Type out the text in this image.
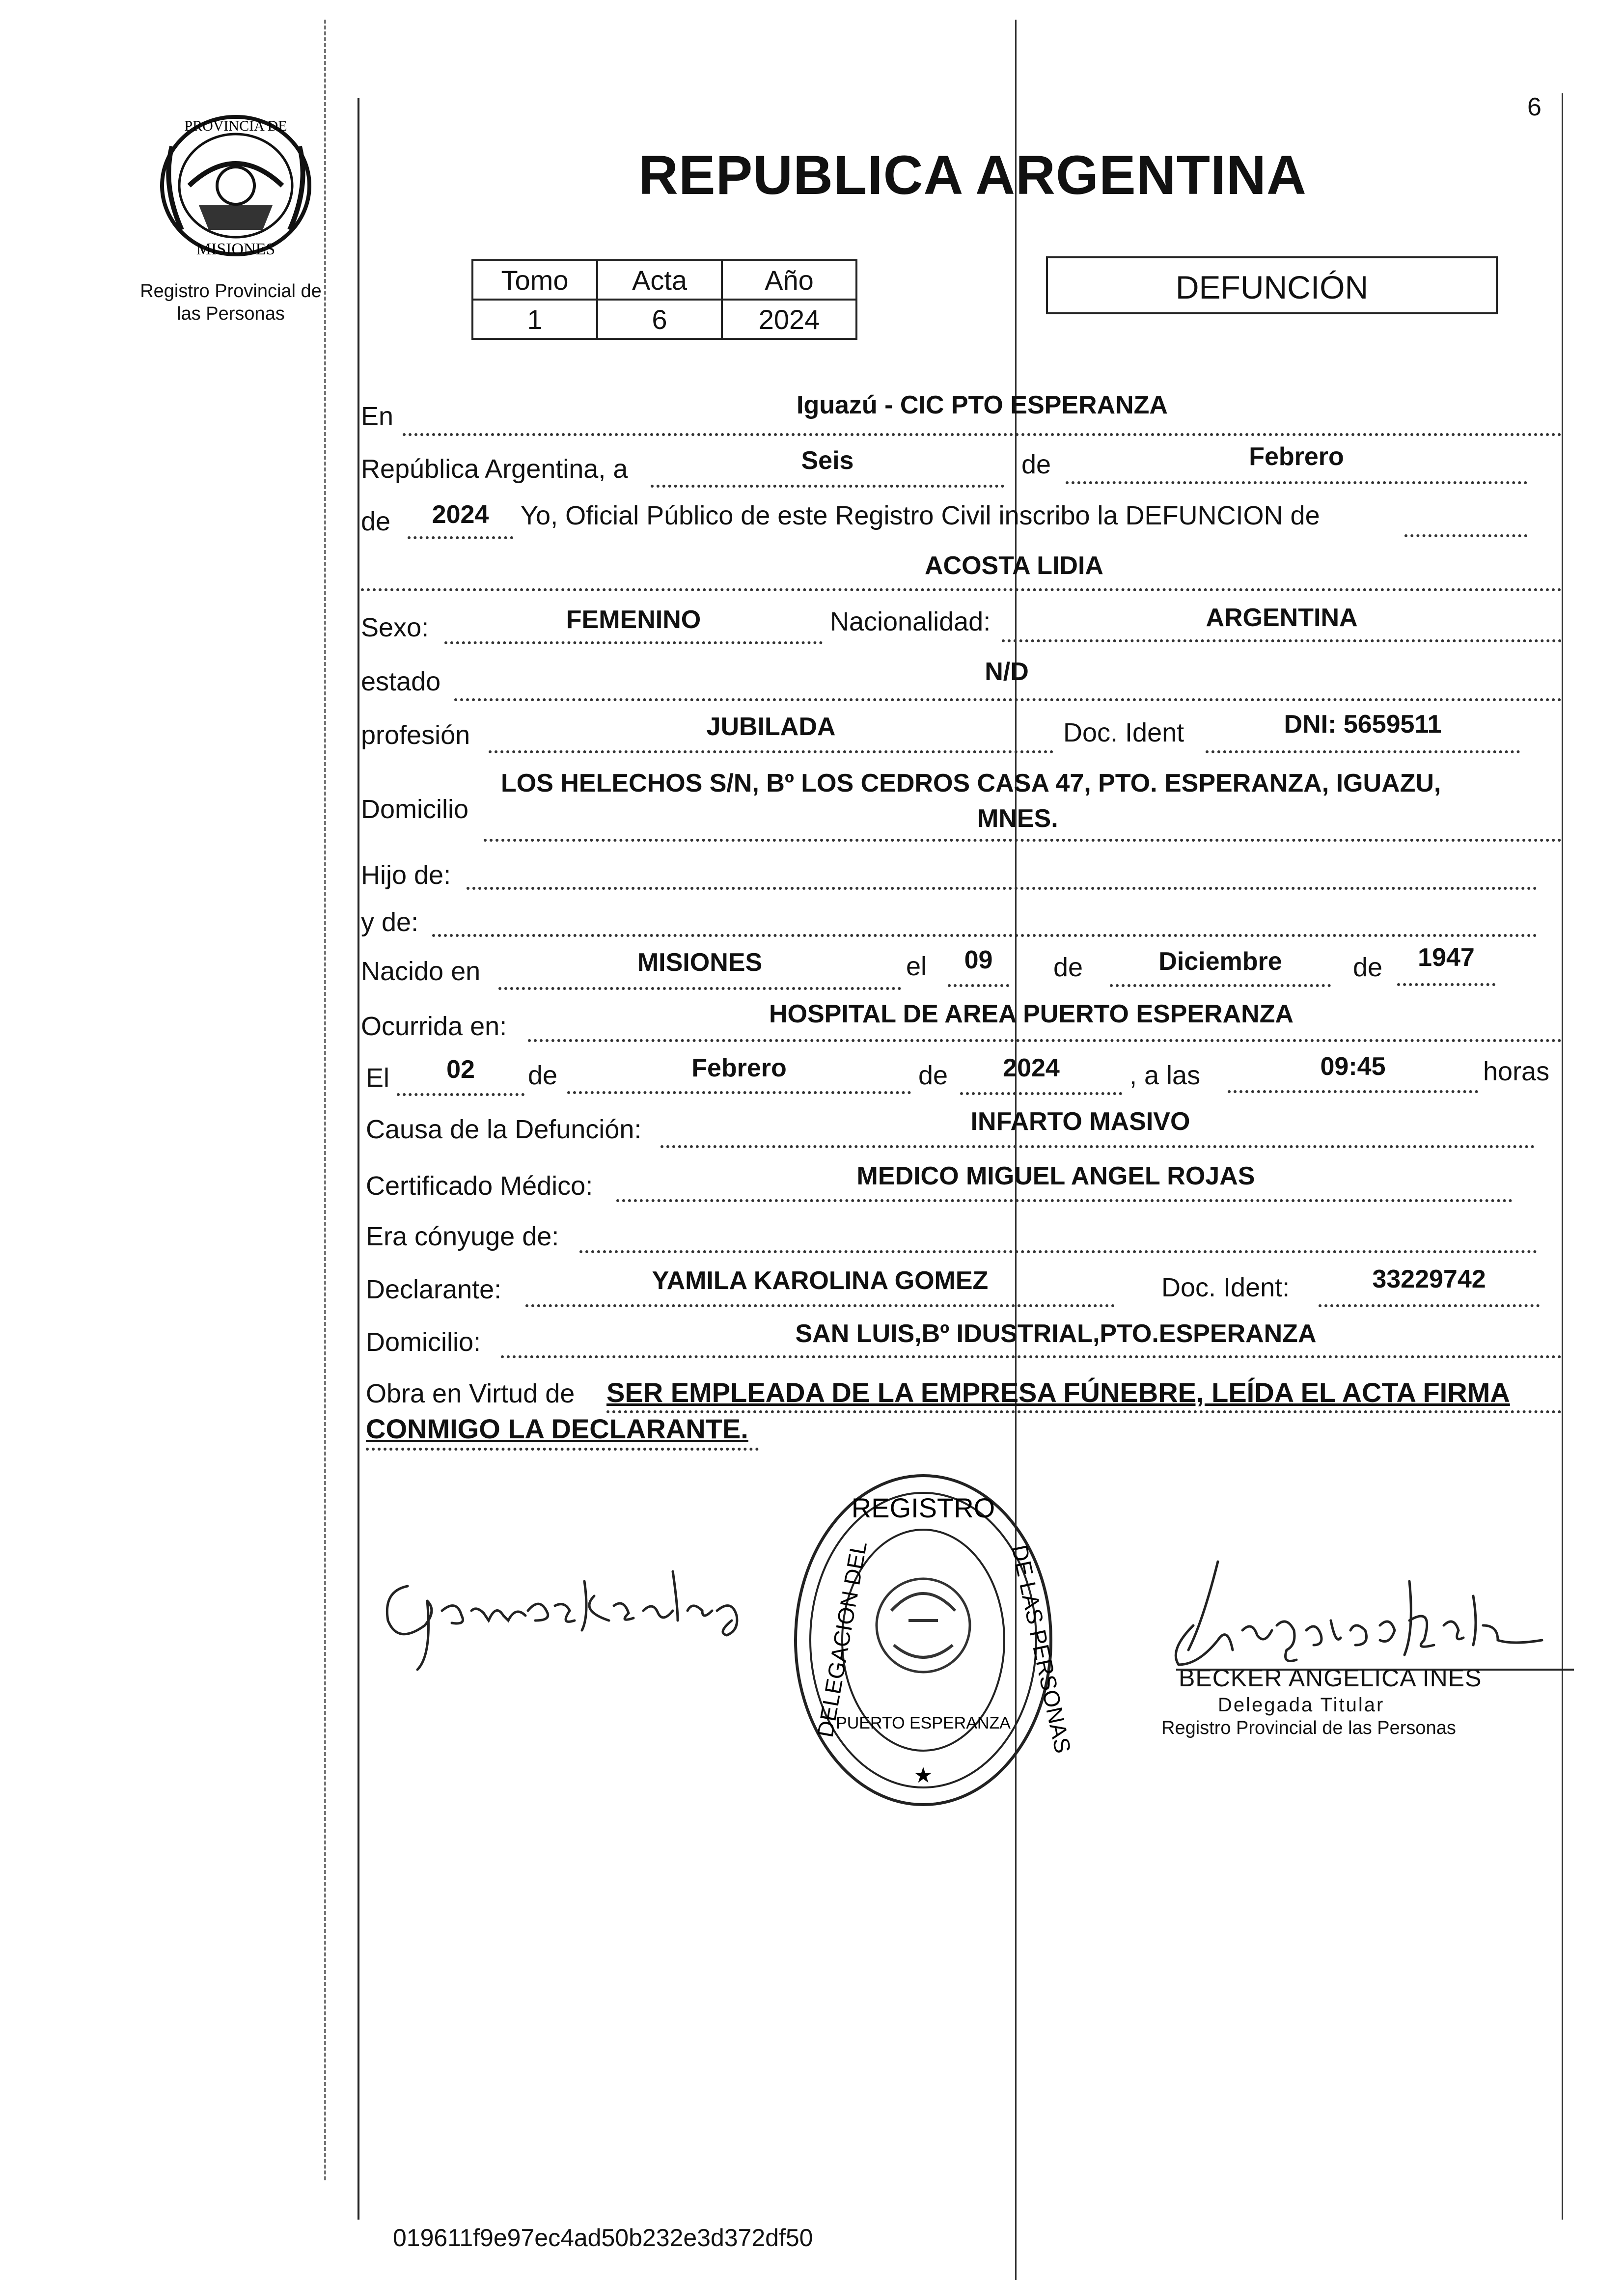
PROVINCIA DE
MISIONES
Registro Provincial de
las Personas
6
REPUBLICA ARGENTINA
Tomo	Acta	Año
1	6	2024
DEFUNCIÓN
En	Iguazú - CIC PTO ESPERANZA
República Argentina, a	Seis	de	Febrero
de	2024	Yo, Oficial Público de este Registro Civil inscribo la DEFUNCION de
ACOSTA LIDIA
Sexo:	FEMENINO	Nacionalidad:	ARGENTINA
estado	N/D
profesión	JUBILADA	Doc. Ident	DNI: 5659511
Domicilio
LOS HELECHOS S/N, Bº LOS CEDROS CASA 47, PTO. ESPERANZA, IGUAZU,
MNES.
Hijo de:
y de:
Nacido en	MISIONES	el	09	de	Diciembre	de	1947
Ocurrida en:	HOSPITAL DE AREA PUERTO ESPERANZA
El	02	de	Febrero	de	2024	, a las	09:45	horas
Causa de la Defunción:	INFARTO MASIVO
Certificado Médico:	MEDICO MIGUEL ANGEL ROJAS
Era cónyuge de:
Declarante:	YAMILA KAROLINA GOMEZ	Doc. Ident:	33229742
Domicilio:	SAN LUIS,Bº IDUSTRIAL,PTO.ESPERANZA
Obra en Virtud de SER EMPLEADA DE LA EMPRESA FÚNEBRE, LEÍDA EL ACTA FIRMA
CONMIGO LA DECLARANTE.
REGISTRO
DELEGACION DEL	DE LAS PERSONAS
PUERTO ESPERANZA
★
BECKER ANGELICA INES
Delegada Titular
Registro Provincial de las Personas
019611f9e97ec4ad50b232e3d372df50
